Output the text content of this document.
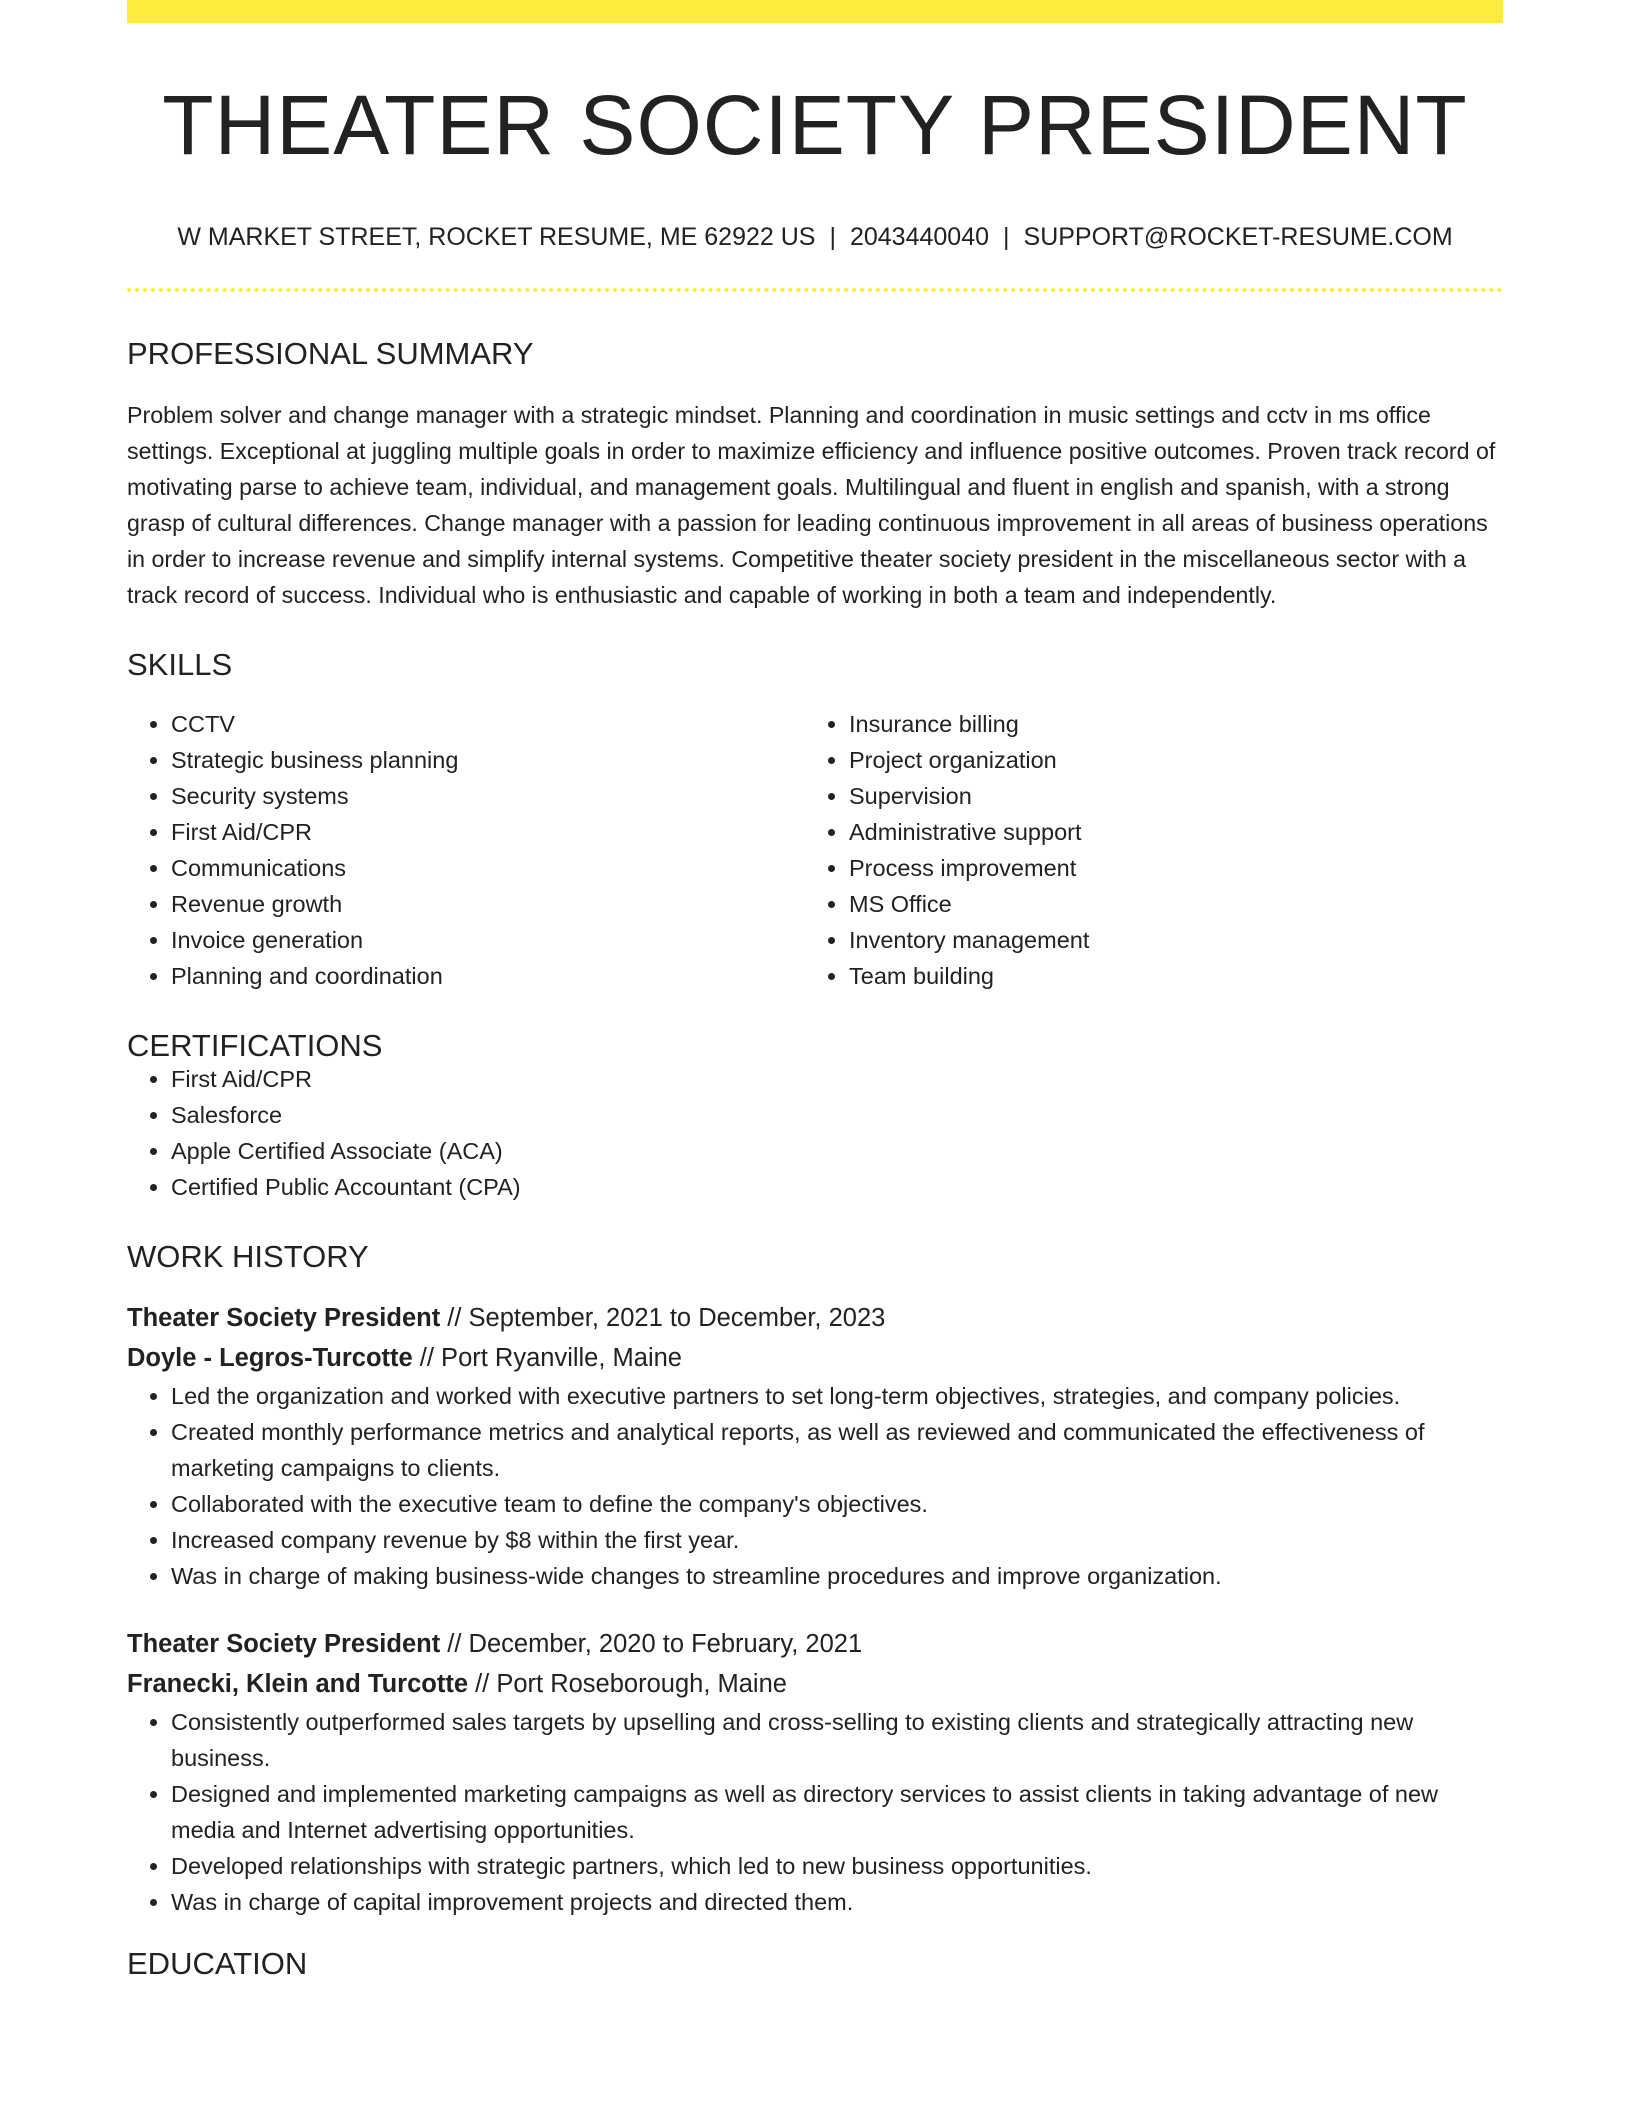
THEATER SOCIETY PRESIDENT
W MARKET STREET, ROCKET RESUME, ME 62922 US | 2043440040 | SUPPORT@ROCKET-RESUME.COM
PROFESSIONAL SUMMARY

Problem solver and change manager with a strategic mindset. Planning and coordination in music settings and cctv in ms office settings. Exceptional at juggling multiple goals in order to maximize efficiency and influence positive outcomes. Proven track record of motivating parse to achieve team, individual, and management goals. Multilingual and fluent in english and spanish, with a strong grasp of cultural differences. Change manager with a passion for leading continuous improvement in all areas of business operations in order to increase revenue and simplify internal systems. Competitive theater society president in the miscellaneous sector with a track record of success. Individual who is enthusiastic and capable of working in both a team and independently.

SKILLS
• CCTV
• Strategic business planning
• Security systems
• First Aid/CPR
• Communications
• Revenue growth
• Invoice generation
• Planning and coordination
• Insurance billing
• Project organization
• Supervision
• Administrative support
• Process improvement
• MS Office
• Inventory management
• Team building
CERTIFICATIONS
• First Aid/CPR
• Salesforce
• Apple Certified Associate (ACA)
• Certified Public Accountant (CPA)
WORK HISTORY
Theater Society President // September, 2021 to December, 2023
Doyle - Legros-Turcotte // Port Ryanville, Maine
• Led the organization and worked with executive partners to set long-term objectives, strategies, and company policies.
• Created monthly performance metrics and analytical reports, as well as reviewed and communicated the effectiveness of marketing campaigns to clients.
• Collaborated with the executive team to define the company's objectives.
• Increased company revenue by $8 within the first year.
• Was in charge of making business-wide changes to streamline procedures and improve organization.
Theater Society President // December, 2020 to February, 2021
Franecki, Klein and Turcotte // Port Roseborough, Maine
• Consistently outperformed sales targets by upselling and cross-selling to existing clients and strategically attracting new business.
• Designed and implemented marketing campaigns as well as directory services to assist clients in taking advantage of new media and Internet advertising opportunities.
• Developed relationships with strategic partners, which led to new business opportunities.
• Was in charge of capital improvement projects and directed them.
EDUCATION
